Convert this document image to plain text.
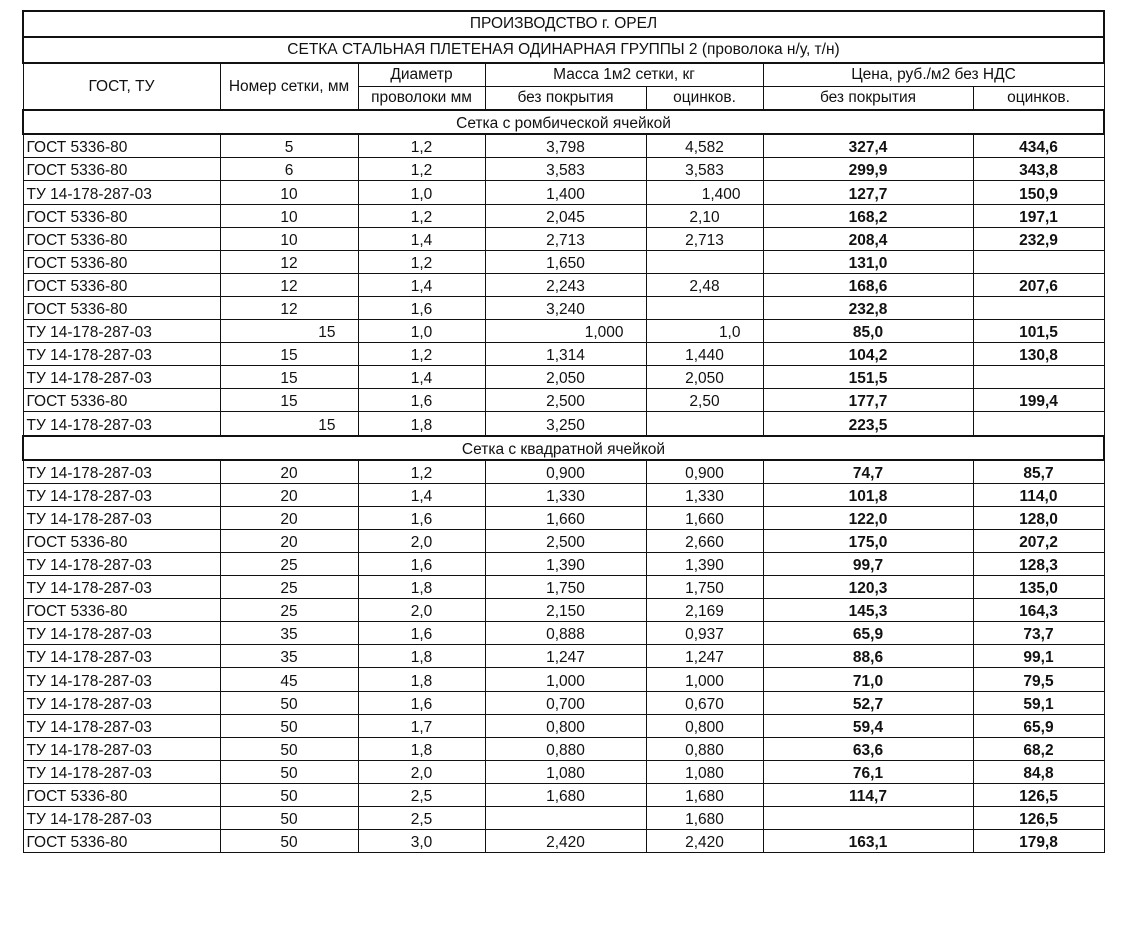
ПРОИЗВОДСТВО г. ОРЕЛ						
СЕТКА СТАЛЬНАЯ ПЛЕТЕНАЯ ОДИНАРНАЯ ГРУППЫ 2 (проволока н/у, т/н)						
ГОСТ, ТУ	Номер сетки, мм	Диаметр	Масса 1м2 сетки, кг		Цена, руб./м2 без НДС	
		проволоки мм	без покрытия	оцинков.	без покрытия	оцинков.
Сетка с ромбической ячейкой						
ГОСТ 5336-80	5	1,2	3,798	4,582	327,4	434,6
ГОСТ 5336-80	6	1,2	3,583	3,583	299,9	343,8
ТУ 14-178-287-03	10	1,0	1,400	1,400	127,7	150,9
ГОСТ 5336-80	10	1,2	2,045	2,10	168,2	197,1
ГОСТ 5336-80	10	1,4	2,713	2,713	208,4	232,9
ГОСТ 5336-80	12	1,2	1,650		131,0	
ГОСТ 5336-80	12	1,4	2,243	2,48	168,6	207,6
ГОСТ 5336-80	12	1,6	3,240		232,8	
ТУ 14-178-287-03	15	1,0	1,000	1,0	85,0	101,5
ТУ 14-178-287-03	15	1,2	1,314	1,440	104,2	130,8
ТУ 14-178-287-03	15	1,4	2,050	2,050	151,5	
ГОСТ 5336-80	15	1,6	2,500	2,50	177,7	199,4
ТУ 14-178-287-03	15	1,8	3,250		223,5	
Сетка с квадратной ячейкой						
ТУ 14-178-287-03	20	1,2	0,900	0,900	74,7	85,7
ТУ 14-178-287-03	20	1,4	1,330	1,330	101,8	114,0
ТУ 14-178-287-03	20	1,6	1,660	1,660	122,0	128,0
ГОСТ 5336-80	20	2,0	2,500	2,660	175,0	207,2
ТУ 14-178-287-03	25	1,6	1,390	1,390	99,7	128,3
ТУ 14-178-287-03	25	1,8	1,750	1,750	120,3	135,0
ГОСТ 5336-80	25	2,0	2,150	2,169	145,3	164,3
ТУ 14-178-287-03	35	1,6	0,888	0,937	65,9	73,7
ТУ 14-178-287-03	35	1,8	1,247	1,247	88,6	99,1
ТУ 14-178-287-03	45	1,8	1,000	1,000	71,0	79,5
ТУ 14-178-287-03	50	1,6	0,700	0,670	52,7	59,1
ТУ 14-178-287-03	50	1,7	0,800	0,800	59,4	65,9
ТУ 14-178-287-03	50	1,8	0,880	0,880	63,6	68,2
ТУ 14-178-287-03	50	2,0	1,080	1,080	76,1	84,8
ГОСТ 5336-80	50	2,5	1,680	1,680	114,7	126,5
ТУ 14-178-287-03	50	2,5		1,680		126,5
ГОСТ 5336-80	50	3,0	2,420	2,420	163,1	179,8
